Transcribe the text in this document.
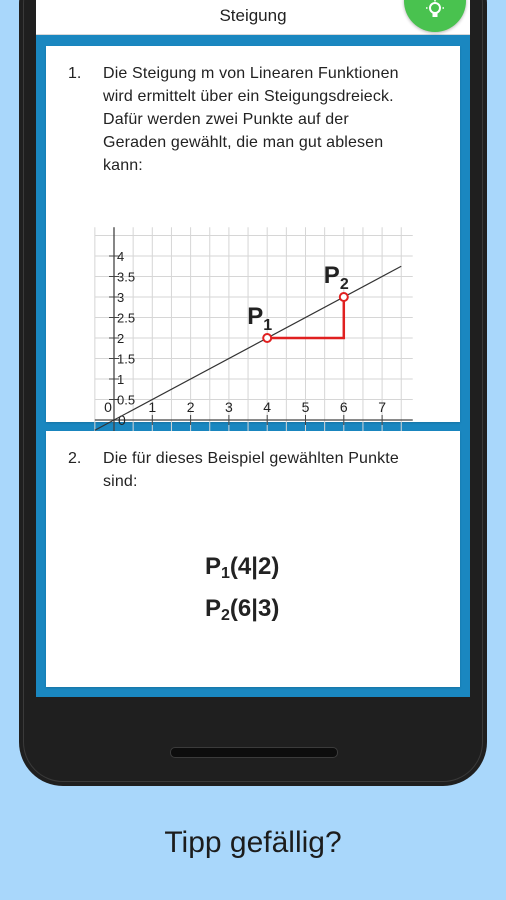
Steigung
1. Die Steigung m von Linearen Funktionen
wird ermittelt über ein Steigungsdreieck.
Dafür werden zwei Punkte auf der
Geraden gewählt, die man gut ablesen
kann:
1 2 3 4 5 6 7
0.5
1
1.5
2
2.5
3
3.5
4
0
0
$P_1$
$P_2$
2. Die für dieses Beispiel gewählten Punkte
sind:
$P_1(4|2)$
$P_2(6|3)$
Tipp gefällig?
